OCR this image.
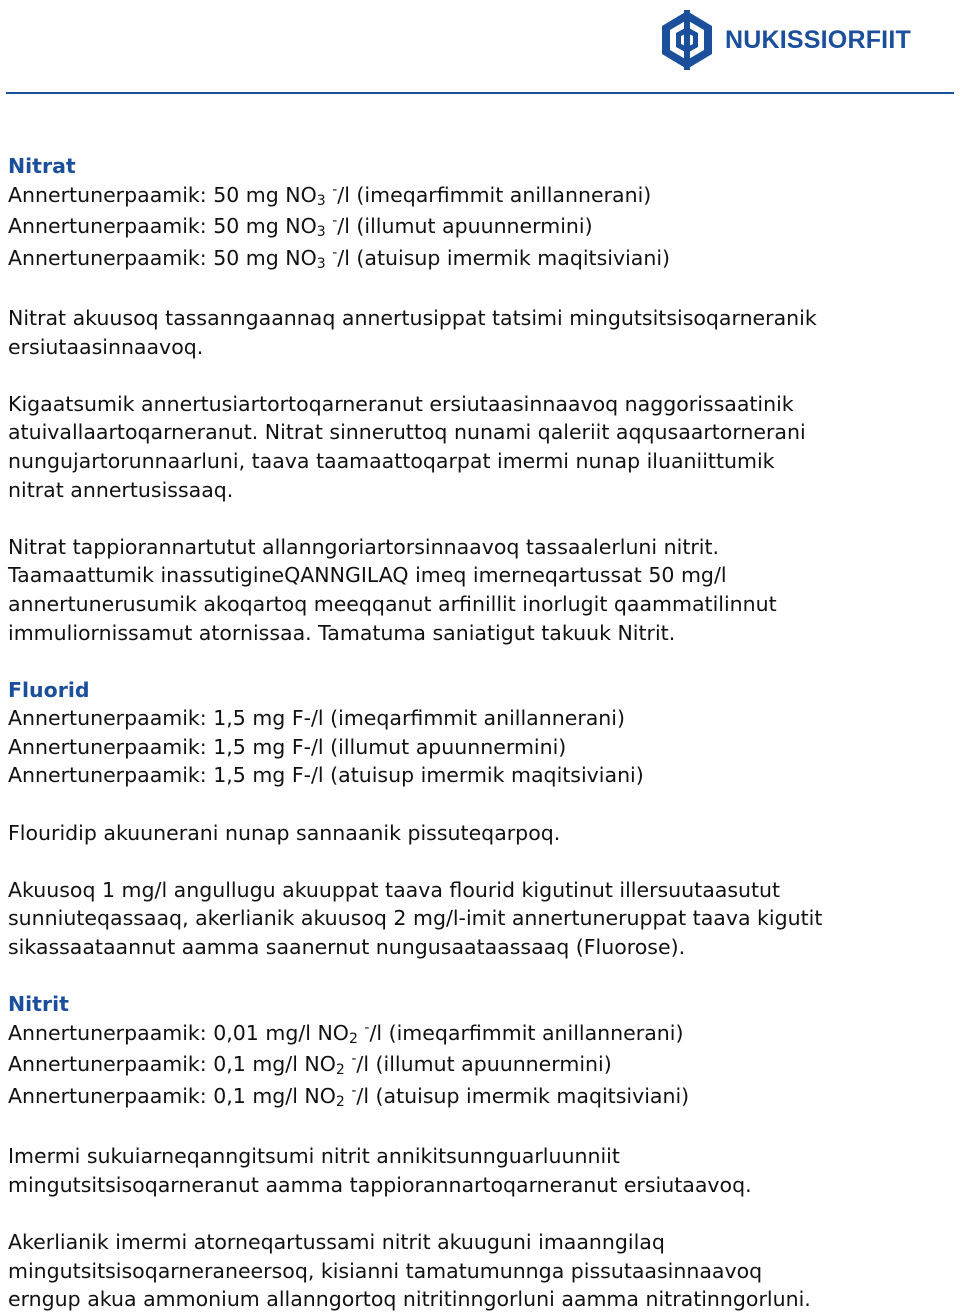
NUKISSIORFIIT
Nitrat
Annertunerpaamik: 50 mg NO3 -/l (imeqarfimmit anillannerani)
Annertunerpaamik: 50 mg NO3 -/l (illumut apuunnermini)
Annertunerpaamik: 50 mg NO3 -/l (atuisup imermik maqitsiviani)
Nitrat akuusoq tassanngaannaq annertusippat tatsimi mingutsitsisoqarneranik
ersiutaasinnaavoq.
Kigaatsumik annertusiartortoqarneranut ersiutaasinnaavoq naggorissaatinik
atuivallaartoqarneranut. Nitrat sinneruttoq nunami qaleriit aqqusaartornerani
nungujartorunnaarluni, taava taamaattoqarpat imermi nunap iluaniittumik
nitrat annertusissaaq.
Nitrat tappiorannartutut allanngoriartorsinnaavoq tassaalerluni nitrit.
Taamaattumik inassutigineQANNGILAQ imeq imerneqartussat 50 mg/l
annertunerusumik akoqartoq meeqqanut arfinillit inorlugit qaammatilinnut
immuliornissamut atornissaa. Tamatuma saniatigut takuuk Nitrit.
Fluorid
Annertunerpaamik: 1,5 mg F-/l (imeqarfimmit anillannerani)
Annertunerpaamik: 1,5 mg F-/l (illumut apuunnermini)
Annertunerpaamik: 1,5 mg F-/l (atuisup imermik maqitsiviani)
Flouridip akuunerani nunap sannaanik pissuteqarpoq.
Akuusoq 1 mg/l angullugu akuuppat taava flourid kigutinut illersuutaasutut
sunniuteqassaaq, akerlianik akuusoq 2 mg/l-imit annertuneruppat taava kigutit
sikassaataannut aamma saanernut nungusaataassaaq (Fluorose).
Nitrit
Annertunerpaamik: 0,01 mg/l NO2 -/l (imeqarfimmit anillannerani)
Annertunerpaamik: 0,1 mg/l NO2 -/l (illumut apuunnermini)
Annertunerpaamik: 0,1 mg/l NO2 -/l (atuisup imermik maqitsiviani)
Imermi sukuiarneqanngitsumi nitrit annikitsunnguarluunniit
mingutsitsisoqarneranut aamma tappiorannartoqarneranut ersiutaavoq.
Akerlianik imermi atorneqartussami nitrit akuuguni imaanngilaq
mingutsitsisoqarneraneersoq, kisianni tamatumunnga pissutaasinnaavoq
erngup akua ammonium allanngortoq nitritinngorluni aamma nitratinngorluni.
